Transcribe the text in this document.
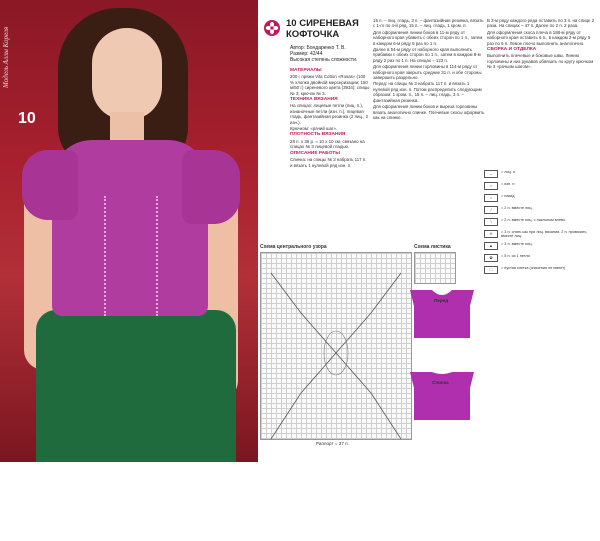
Модель Аллы Кореля
10
10 СИРЕНЕВАЯ
КОФТОЧКА
Автор: Бондаренко Т. В.
Размер: 42/44
Высокая степень сложности.

МАТЕРИАЛЫ

200 г пряжи Vita Cotton «Rosas» (100 % хлопка двойной мерсеризации; 150 м/50 г) сиреневого цвета (3934); спицы № 3; крючок № 3.

ТЕХНИКА ВЯЗАНИЯ

На спицах: лицевые петли (лиц. п.), изнаночные петли (изн. п.), лицевая гладь, фантазийная резинка (2 лиц., 2 изн.).

Крючком: «рачий шаг».

ПЛОТНОСТЬ ВЯЗАНИЯ

28 п. x 36 р. = 10 x 10 см, связано на спицах № 3 лицевой гладью.

ОПИСАНИЕ РАБОТЫ

Спинка: на спицы № 3 набрать 117 п. и вязать 1 нулевой ряд изн. п.

15 п. – лиц. гладь, 3 п. – фантазийная резинка, вязать с 1-го по 4-й ряд, 15 п. – лиц. гладь, 1 кром. п.

Для оформления линии боков в 11-м ряду от наборного края убавить с обеих сторон по 1 п., затем в каждом 6-м ряду 6 раз по 1 п.

Далее в 54-м ряду от наборного края выполнить прибавки с обеих сторон по 1 п., затем в каждом 8-м ряду 2 раз по 1 п. На спицах – 123 п.

Для оформления линии горловины в 114-м ряду от наборного края закрыть средние 31 п. и обе стороны завершить раздельно.

Перед: на спицы № 3 набрать 117 п. и вязать 1 нулевой ряд изн. п. Потом распределить следующим образом: 1 кром. п., 15 п. – лиц. гладь, 3 п. – фантазийная резинка.

Для оформления линии боков и выреза горловины вязать аналогично спинке. Плечевые скосы оформить как на спинке.

В 3-м ряду каждого ряда оставить по 3 п. на спице 2 раза. На спицах – 47 п. Далее по 2 п. 2 раза.

Для оформления скоса плеча в 188-м ряду от наборного края оставить 6 п., в каждом 2-м ряду 5 раз по 6 п. Левое плечо выполнить аналогично.

СБОРКА И ОТДЕЛКА

Выполнить плечевые и боковые швы. Линию горловины и низ рукавов обвязать по кругу крючком № 3 «рачьим шагом».

Схема центрального узора
Раппорт = 37 п.
Схема листика
Перед
Спинка
–	= лиц. п.
•	= изн. п.
○	= накид
/	= 2 п. вместе лиц.
\	= 2 п. вместе лиц. с наклоном влево
Λ	= 3 п. снять как при лиц. вязании, 2 п. провязать вместе лиц.
▲	= 3 п. вместе лиц.
✿	= 5 п. из 1 петли
□	= пустая клетка (значения не имеет)
